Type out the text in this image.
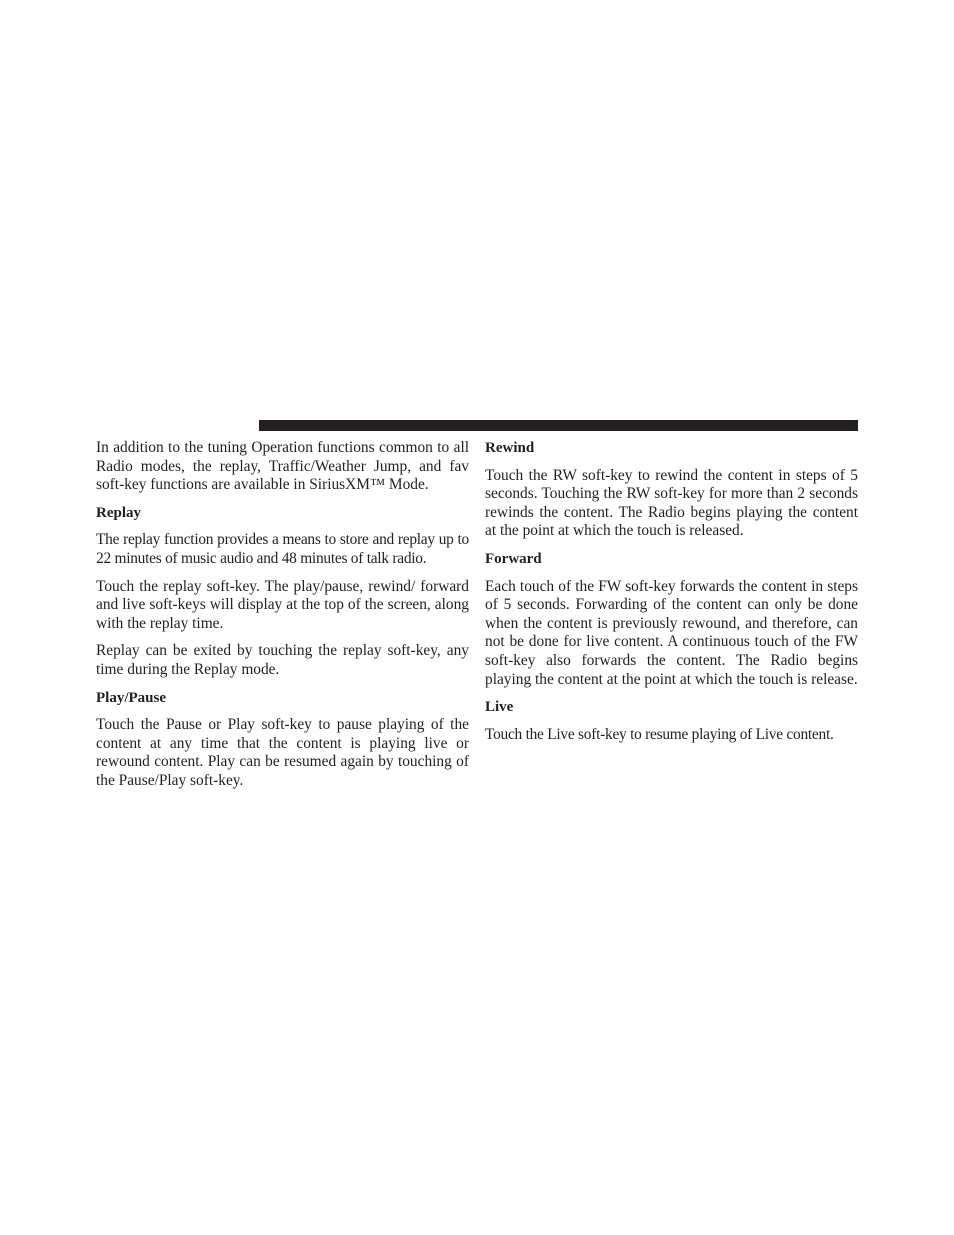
In addition to the tuning Operation functions common to all Radio modes, the replay, Traffic/Weather Jump, and fav soft-key functions are available in SiriusXM™ Mode.

Replay

The replay function provides a means to store and replay up to 22 minutes of music audio and 48 minutes of talk radio.

Touch the replay soft-key. The play/pause, rewind/ forward and live soft-keys will display at the top of the screen, along with the replay time.

Replay can be exited by touching the replay soft-key, any time during the Replay mode.

Play/Pause

Touch the Pause or Play soft-key to pause playing of the content at any time that the content is playing live or rewound content. Play can be resumed again by touching of the Pause/Play soft-key.

Rewind

Touch the RW soft-key to rewind the content in steps of 5 seconds. Touching the RW soft-key for more than 2 seconds rewinds the content. The Radio begins playing the content at the point at which the touch is released.

Forward

Each touch of the FW soft-key forwards the content in steps of 5 seconds. Forwarding of the content can only be done when the content is previously rewound, and therefore, can not be done for live content. A continuous touch of the FW soft-key also forwards the content. The Radio begins playing the content at the point at which the touch is release.

Live

Touch the Live soft-key to resume playing of Live content.
